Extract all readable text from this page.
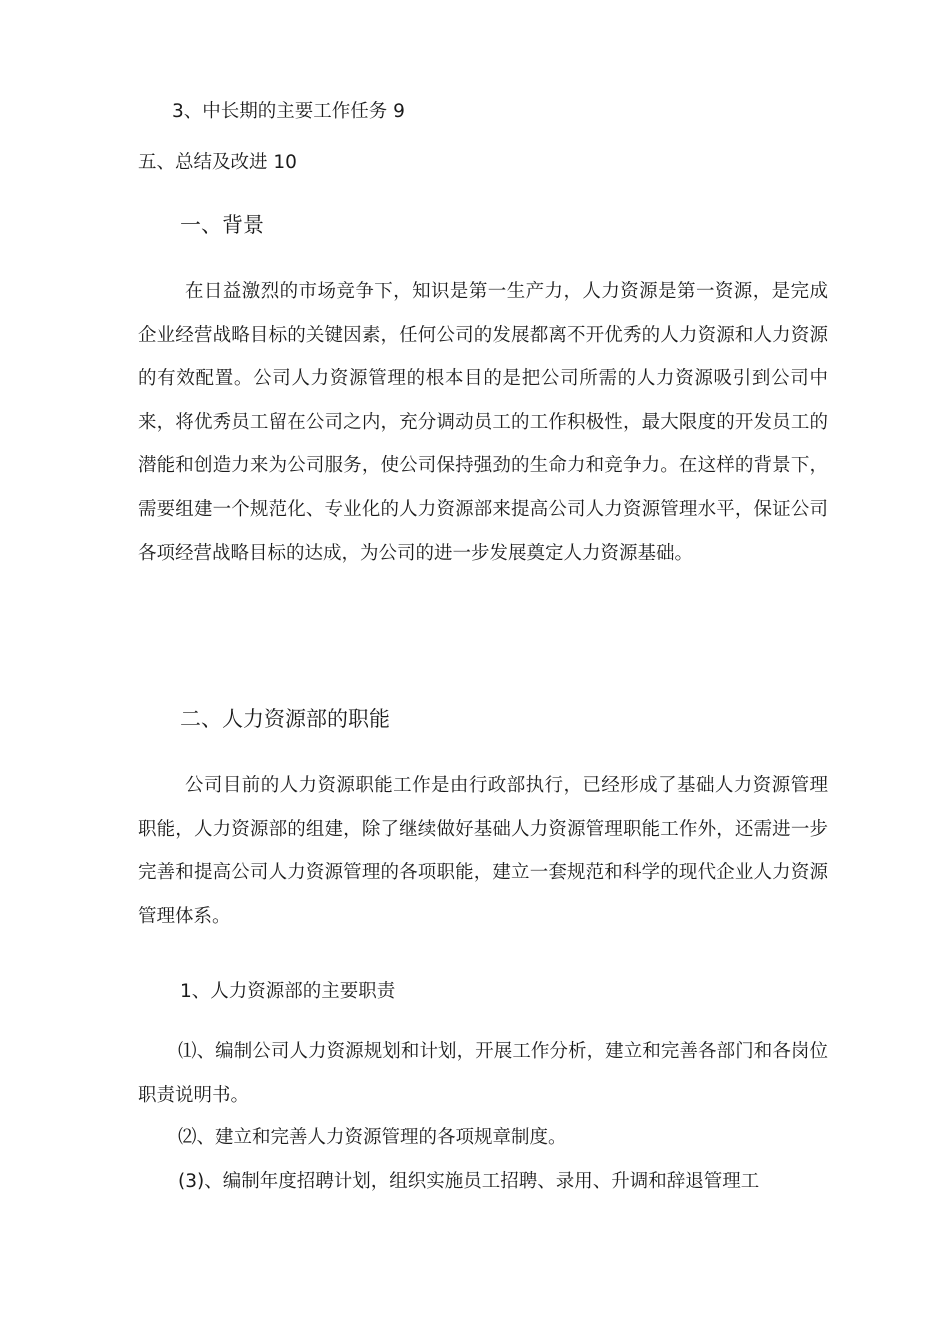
3、中长期的主要工作任务 9
五、总结及改进 10
一、背景
在日益激烈的市场竞争下，知识是第一生产力，人力资源是第一资源，是完成企业经营战略目标的关键因素，任何公司的发展都离不开优秀的人力资源和人力资源的有效配置。公司人力资源管理的根本目的是把公司所需的人力资源吸引到公司中来，将优秀员工留在公司之内，充分调动员工的工作积极性，最大限度的开发员工的潜能和创造力来为公司服务，使公司保持强劲的生命力和竞争力。在这样的背景下，需要组建一个规范化、专业化的人力资源部来提高公司人力资源管理水平，保证公司各项经营战略目标的达成，为公司的进一步发展奠定人力资源基础。
二、人力资源部的职能
公司目前的人力资源职能工作是由行政部执行，已经形成了基础人力资源管理职能，人力资源部的组建，除了继续做好基础人力资源管理职能工作外，还需进一步完善和提高公司人力资源管理的各项职能，建立一套规范和科学的现代企业人力资源管理体系。
1、人力资源部的主要职责
⑴、编制公司人力资源规划和计划，开展工作分析，建立和完善各部门和各岗位职责说明书。
⑵、建立和完善人力资源管理的各项规章制度。
(3)、编制年度招聘计划，组织实施员工招聘、录用、升调和辞退管理工
